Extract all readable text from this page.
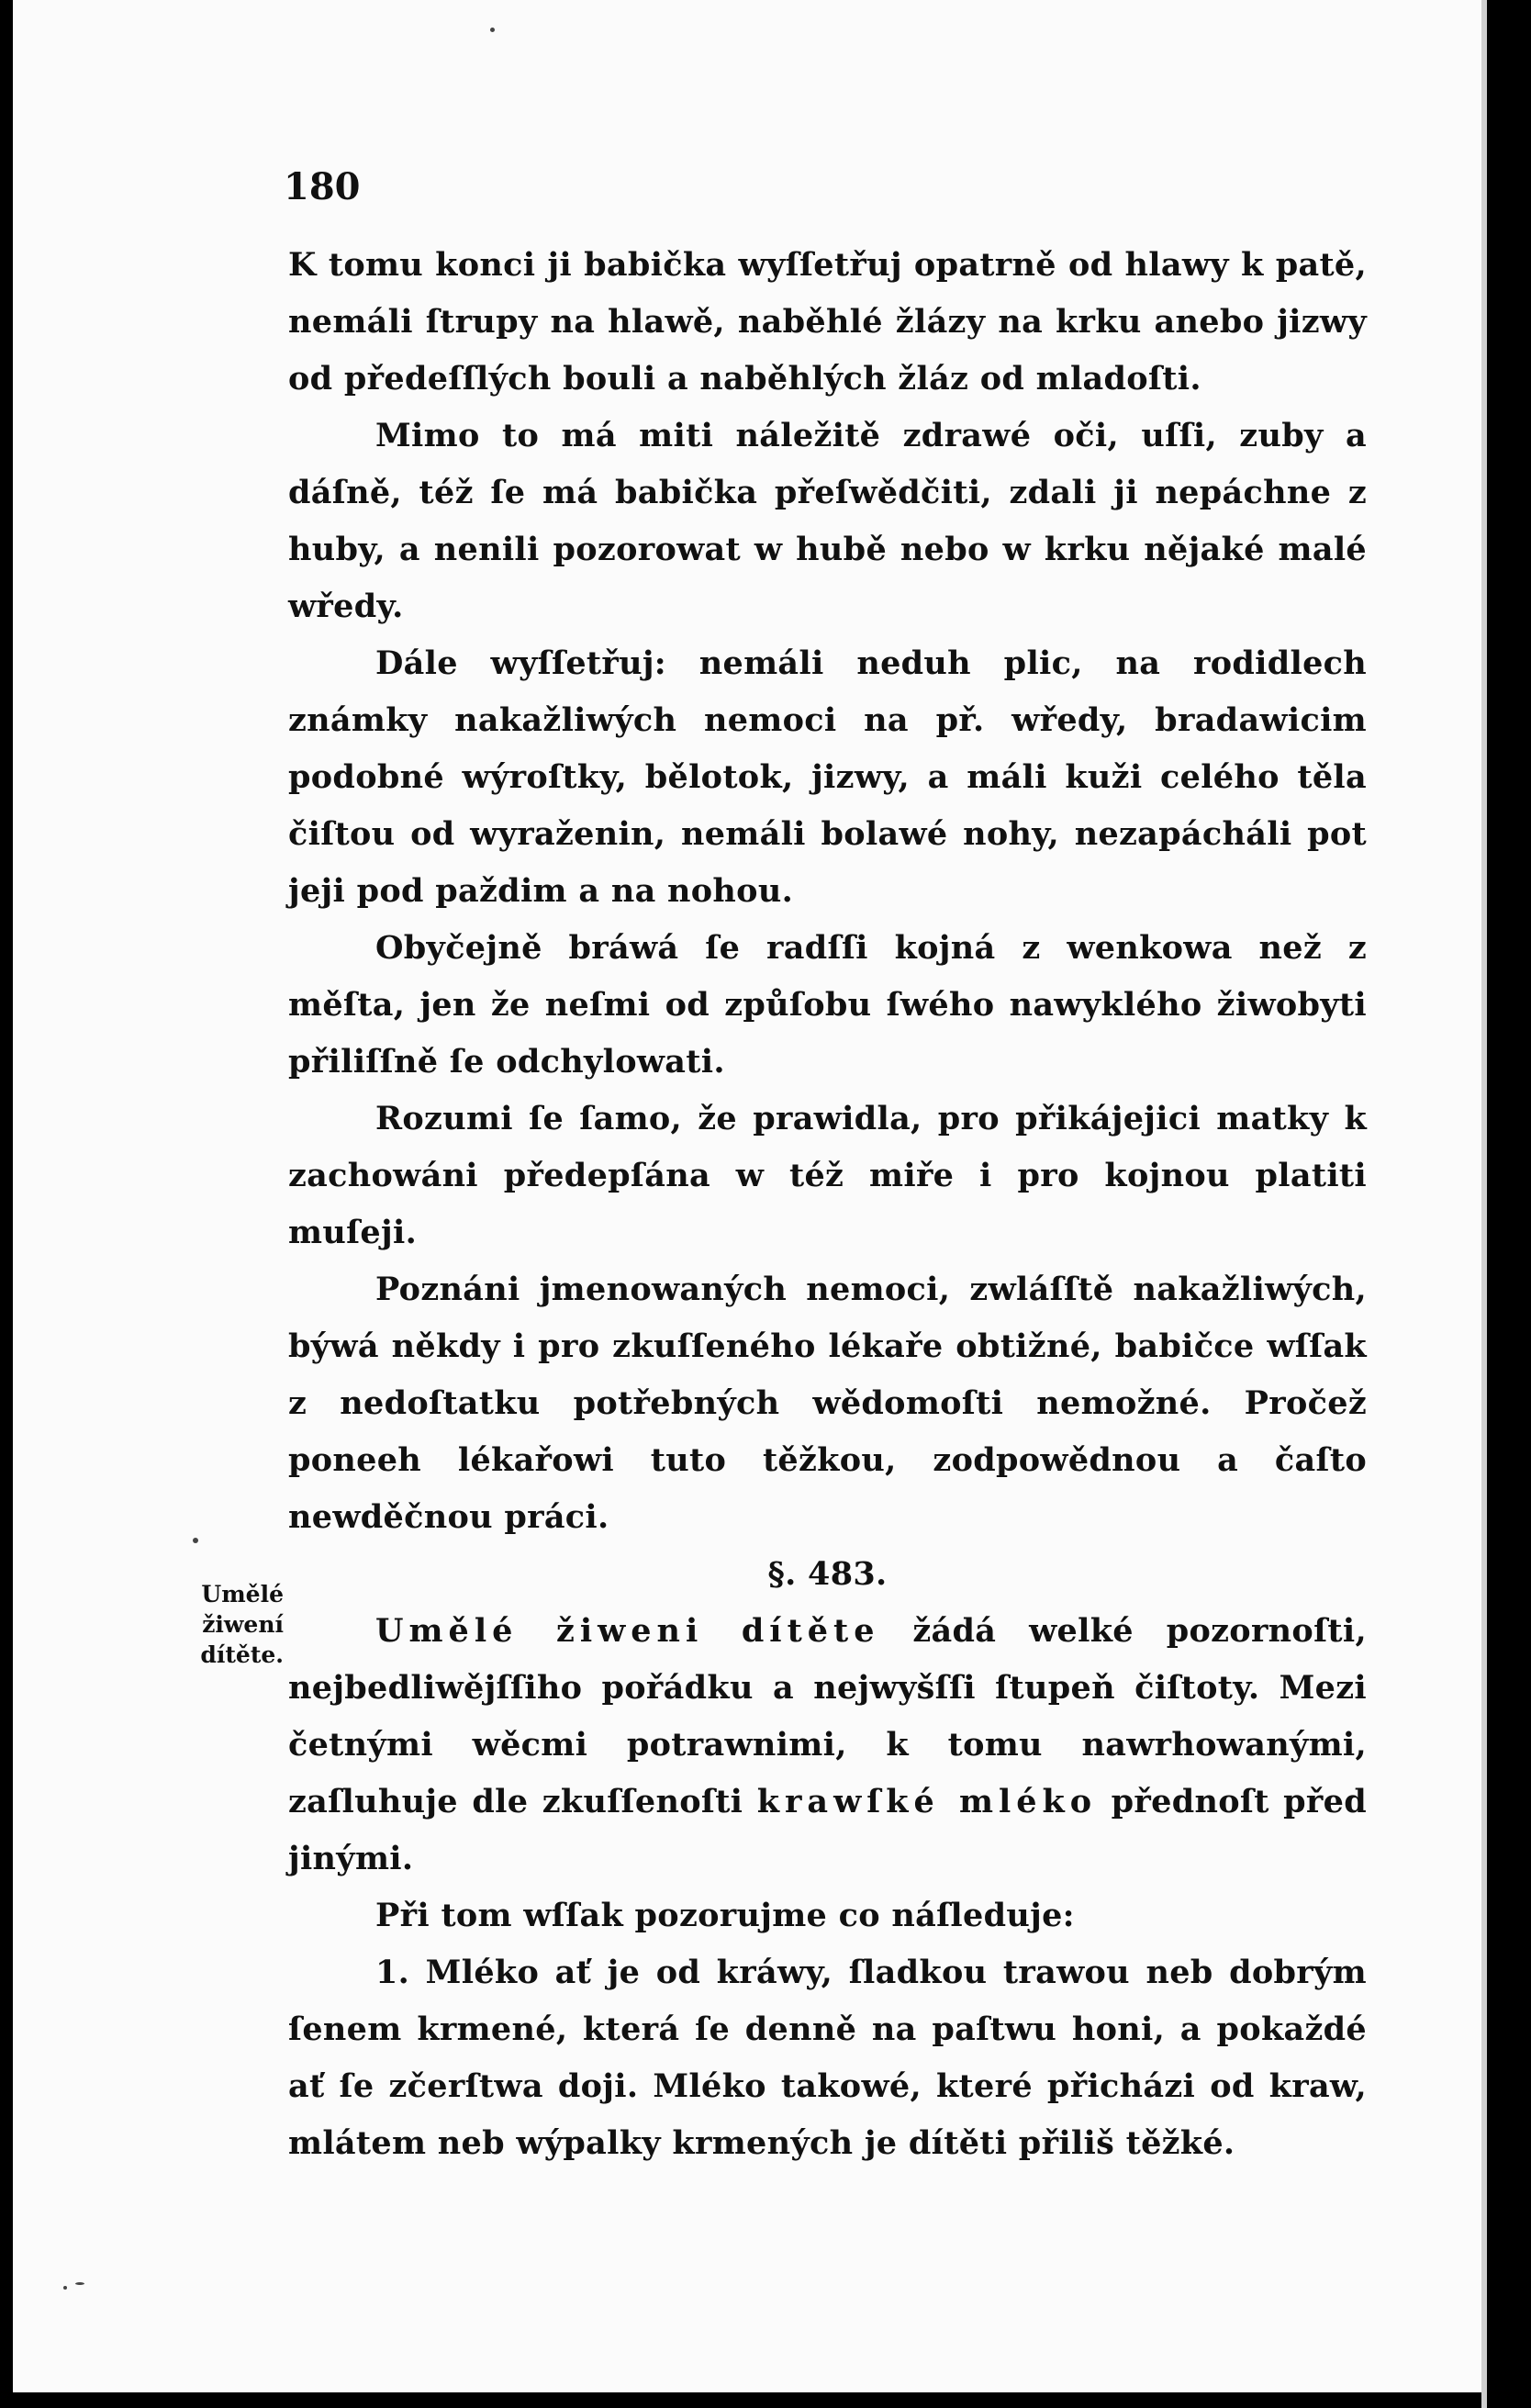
180
Umělé žiwení dítěte.

K tomu konci ji babička wyſſetřuj opatrně od hlawy k patě, nemáli ſtrupy na hlawě, naběhlé žlázy na krku anebo jizwy od předeſſlých bouli a naběhlých žláz od mladoſti.

Mimo to má miti náležitě zdrawé oči, uſſi, zuby a dáſně, též ſe má babička přeſwědčiti, zdali ji nepáchne z huby, a nenili pozorowat w hubě nebo w krku nějaké malé wředy.

Dále wyſſetřuj: nemáli neduh plic, na rodidlech známky nakažliwých nemoci na př. wředy, bradawicim podobné wýroſtky, bělotok, jizwy, a máli kuži celého těla čiſtou od wyraženin, nemáli bolawé nohy, nezapácháli pot jeji pod paždim a na nohou.

Obyčejně bráwá ſe radſſi kojná z wenkowa než z měſta, jen že neſmi od způſobu ſwého nawyklého žiwobyti přiliſſně ſe odchylowati.

Rozumi ſe ſamo, že prawidla, pro přikájejici matky k zachowáni předepſána w též miře i pro kojnou platiti muſeji.

Poznáni jmenowaných nemoci, zwláſſtě nakažliwých, býwá někdy i pro zkuſſeného lékaře obtižné, babičce wſſak z nedoſtatku potřebných wědomoſti nemožné. Pročež poneeh lékařowi tuto těžkou, zodpowědnou a čaſto newděčnou práci.

§. 483.

Umělé žiweni dítěte žádá welké pozornoſti, nejbedliwějſſiho pořádku a nejwyšſſi ſtupeň čiſtoty. Mezi četnými wěcmi potrawnimi, k tomu nawrhowanými, zaſluhuje dle zkuſſenoſti krawſké mléko přednoſt před jinými.

Při tom wſſak pozorujme co náſleduje:

1. Mléko ať je od kráwy, ſladkou trawou neb dobrým ſenem krmené, která ſe denně na paſtwu honi, a pokaždé ať ſe zčerſtwa doji. Mléko takowé, které přicházi od kraw, mlátem neb wýpalky krmených je dítěti přiliš těžké.
